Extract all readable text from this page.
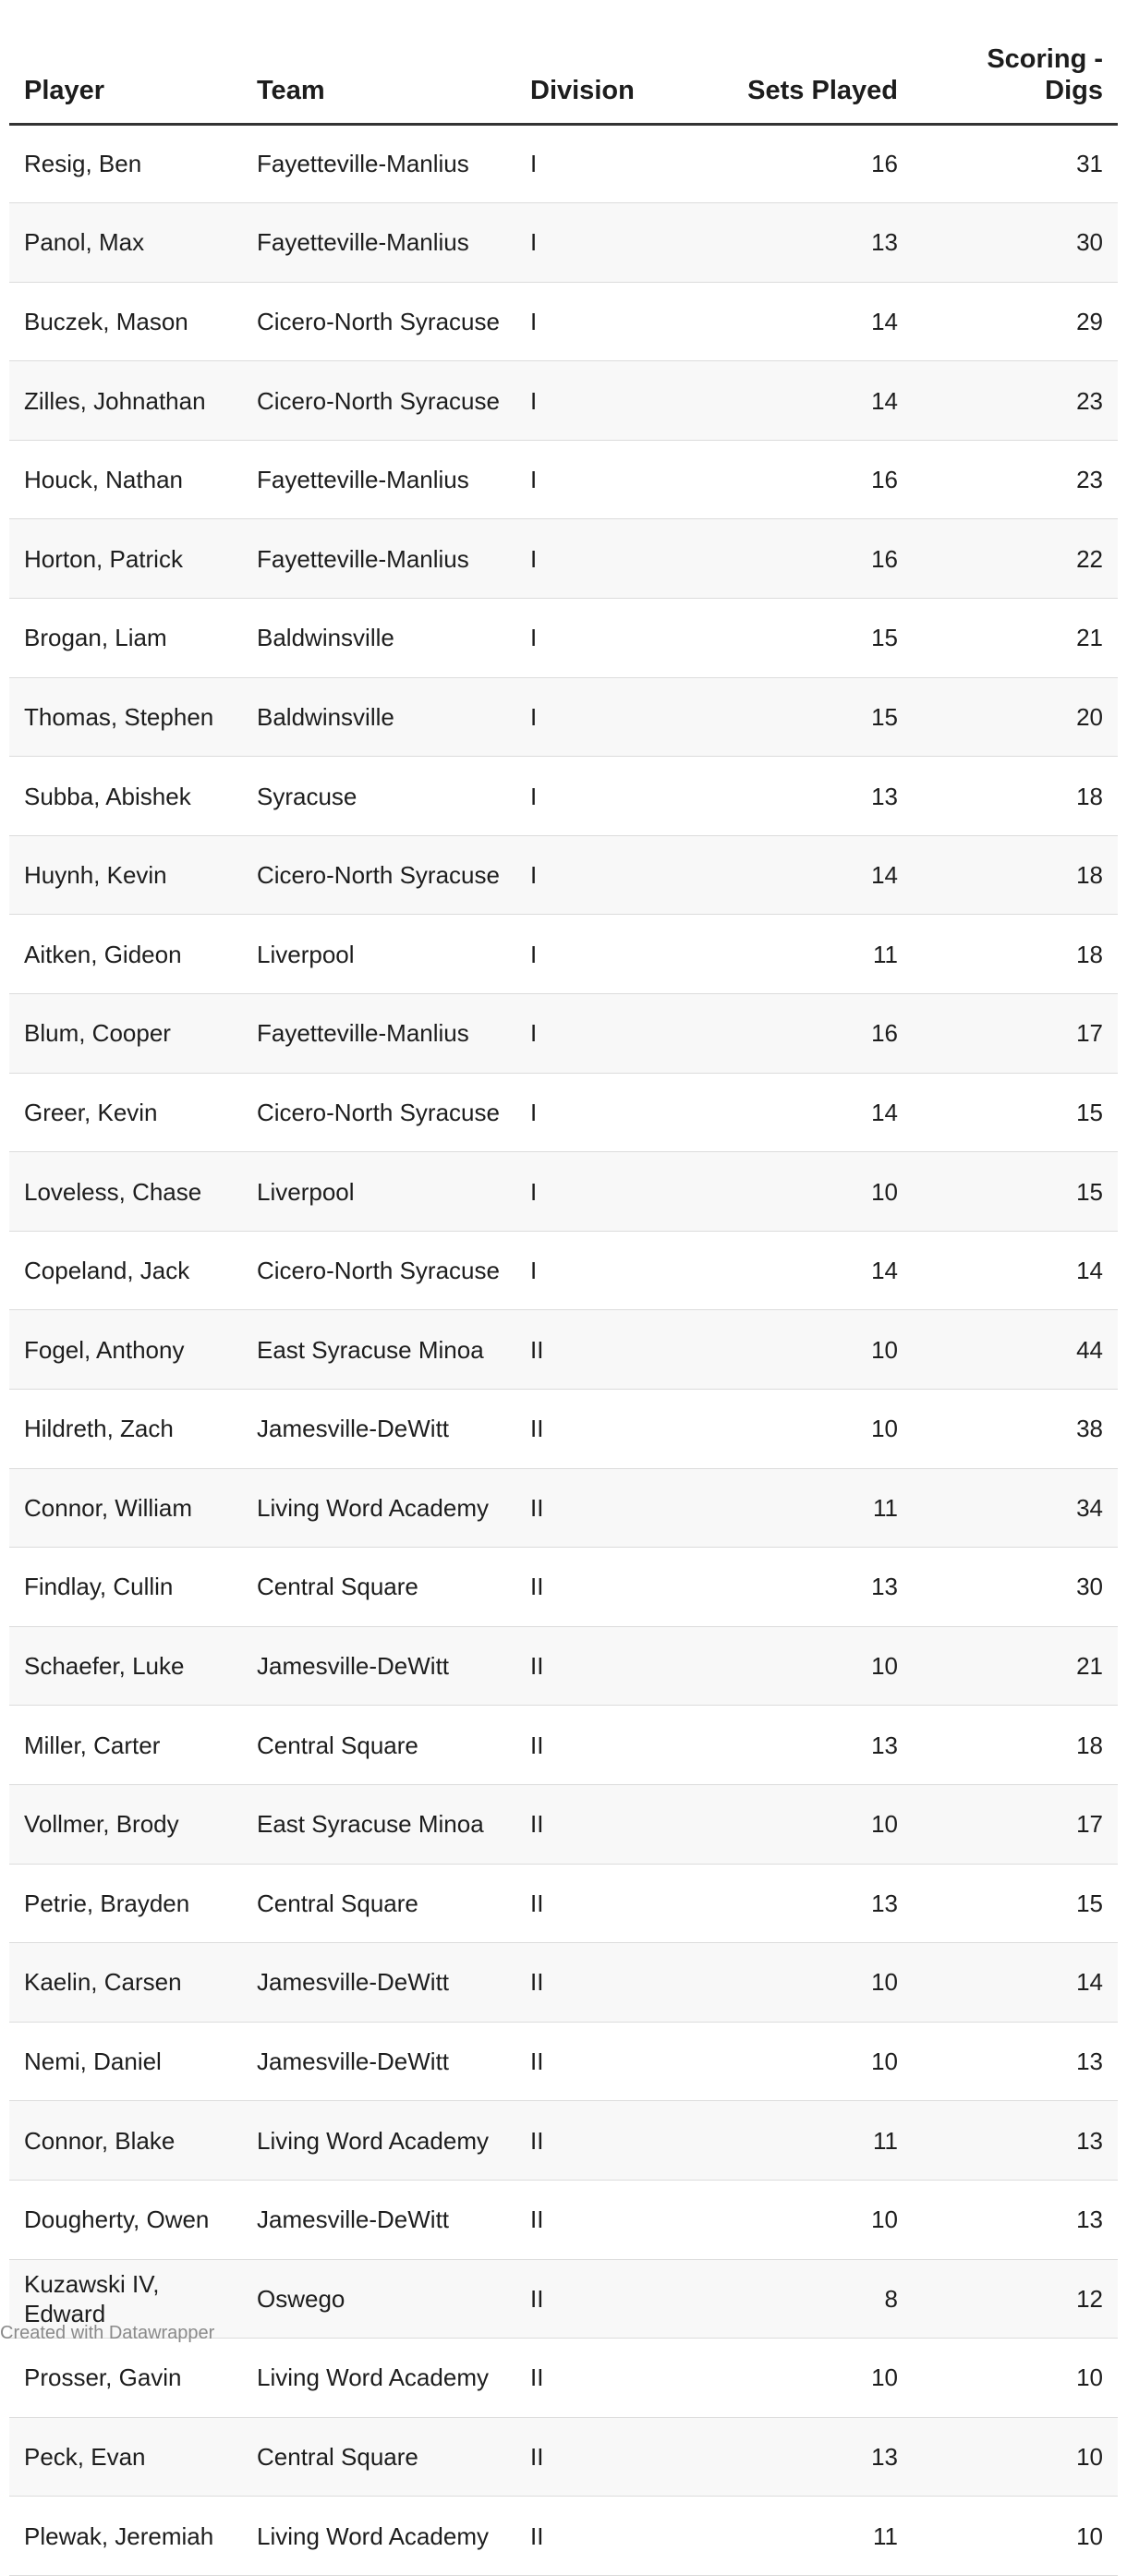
Player	Team	Division	Sets Played	Scoring - Digs
Resig, Ben	Fayetteville-Manlius	I	16	31
Panol, Max	Fayetteville-Manlius	I	13	30
Buczek, Mason	Cicero-North Syracuse	I	14	29
Zilles, Johnathan	Cicero-North Syracuse	I	14	23
Houck, Nathan	Fayetteville-Manlius	I	16	23
Horton, Patrick	Fayetteville-Manlius	I	16	22
Brogan, Liam	Baldwinsville	I	15	21
Thomas, Stephen	Baldwinsville	I	15	20
Subba, Abishek	Syracuse	I	13	18
Huynh, Kevin	Cicero-North Syracuse	I	14	18
Aitken, Gideon	Liverpool	I	11	18
Blum, Cooper	Fayetteville-Manlius	I	16	17
Greer, Kevin	Cicero-North Syracuse	I	14	15
Loveless, Chase	Liverpool	I	10	15
Copeland, Jack	Cicero-North Syracuse	I	14	14
Fogel, Anthony	East Syracuse Minoa	II	10	44
Hildreth, Zach	Jamesville-DeWitt	II	10	38
Connor, William	Living Word Academy	II	11	34
Findlay, Cullin	Central Square	II	13	30
Schaefer, Luke	Jamesville-DeWitt	II	10	21
Miller, Carter	Central Square	II	13	18
Vollmer, Brody	East Syracuse Minoa	II	10	17
Petrie, Brayden	Central Square	II	13	15
Kaelin, Carsen	Jamesville-DeWitt	II	10	14
Nemi, Daniel	Jamesville-DeWitt	II	10	13
Connor, Blake	Living Word Academy	II	11	13
Dougherty, Owen	Jamesville-DeWitt	II	10	13
Kuzawski IV, Edward	Oswego	II	8	12
Prosser, Gavin	Living Word Academy	II	10	10
Peck, Evan	Central Square	II	13	10
Plewak, Jeremiah	Living Word Academy	II	11	10
Created with Datawrapper
